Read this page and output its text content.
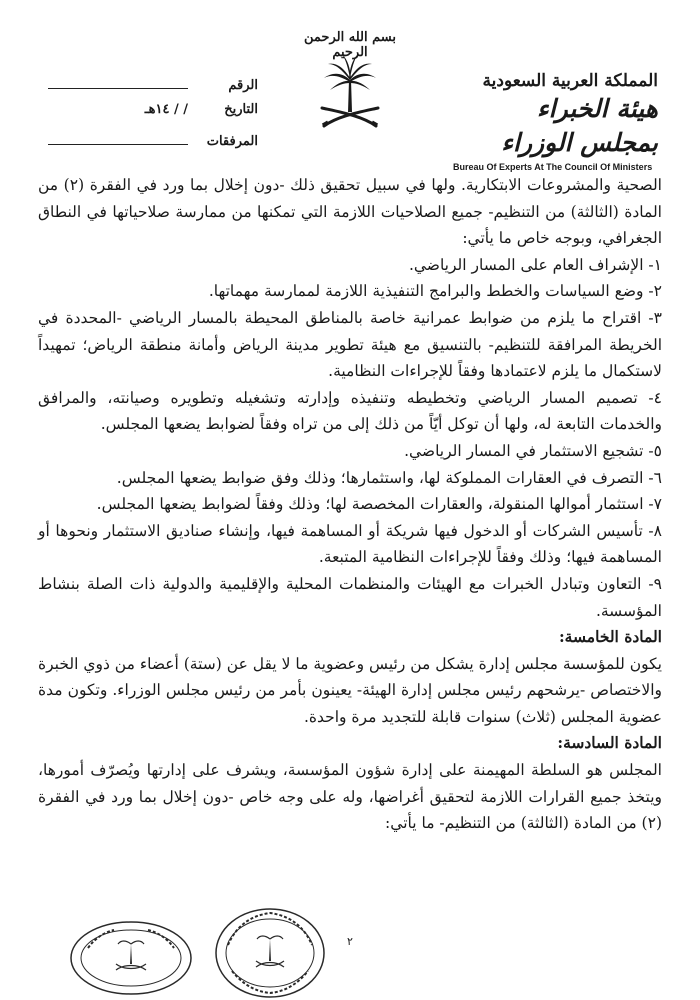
بسم الله الرحمن الرحيم
المملكة العربية السعودية
هيئة الخبراء بمجلس الوزراء
Bureau Of Experts At The Council Of Ministers
الرقم
التاريخ
/ / ١٤هـ
المرفقات

الصحية والمشروعات الابتكارية. ولها في سبيل تحقيق ذلك -دون إخلال بما ورد في الفقرة (٢) من المادة (الثالثة) من التنظيم- جميع الصلاحيات اللازمة التي تمكنها من ممارسة صلاحياتها في النطاق الجغرافي، وبوجه خاص ما يأتي:

١- الإشراف العام على المسار الرياضي.

٢- وضع السياسات والخطط والبرامج التنفيذية اللازمة لممارسة مهماتها.

٣- اقتراح ما يلزم من ضوابط عمرانية خاصة بالمناطق المحيطة بالمسار الرياضي -المحددة في الخريطة المرافقة للتنظيم- بالتنسيق مع هيئة تطوير مدينة الرياض وأمانة منطقة الرياض؛ تمهيداً لاستكمال ما يلزم لاعتمادها وفقاً للإجراءات النظامية.

٤- تصميم المسار الرياضي وتخطيطه وتنفيذه وإدارته وتشغيله وتطويره وصيانته، والمرافق والخدمات التابعة له، ولها أن توكل أيّاً من ذلك إلى من تراه وفقاً لضوابط يضعها المجلس.

٥- تشجيع الاستثمار في المسار الرياضي.

٦- التصرف في العقارات المملوكة لها، واستثمارها؛ وذلك وفق ضوابط يضعها المجلس.

٧- استثمار أموالها المنقولة، والعقارات المخصصة لها؛ وذلك وفقاً لضوابط يضعها المجلس.

٨- تأسيس الشركات أو الدخول فيها شريكة أو المساهمة فيها، وإنشاء صناديق الاستثمار ونحوها أو المساهمة فيها؛ وذلك وفقاً للإجراءات النظامية المتبعة.

٩- التعاون وتبادل الخبرات مع الهيئات والمنظمات المحلية والإقليمية والدولية ذات الصلة بنشاط المؤسسة.

المادة الخامسة:

يكون للمؤسسة مجلس إدارة يشكل من رئيس وعضوية ما لا يقل عن (ستة) أعضاء من ذوي الخبرة والاختصاص -يرشحهم رئيس مجلس إدارة الهيئة- يعينون بأمر من رئيس مجلس الوزراء. وتكون مدة عضوية المجلس (ثلاث) سنوات قابلة للتجديد مرة واحدة.

المادة السادسة:

المجلس هو السلطة المهيمنة على إدارة شؤون المؤسسة، ويشرف على إدارتها ويُصرّف أمورها، ويتخذ جميع القرارات اللازمة لتحقيق أغراضها، وله على وجه خاص -دون إخلال بما ورد في الفقرة (٢) من المادة (الثالثة) من التنظيم- ما يأتي:

٢
